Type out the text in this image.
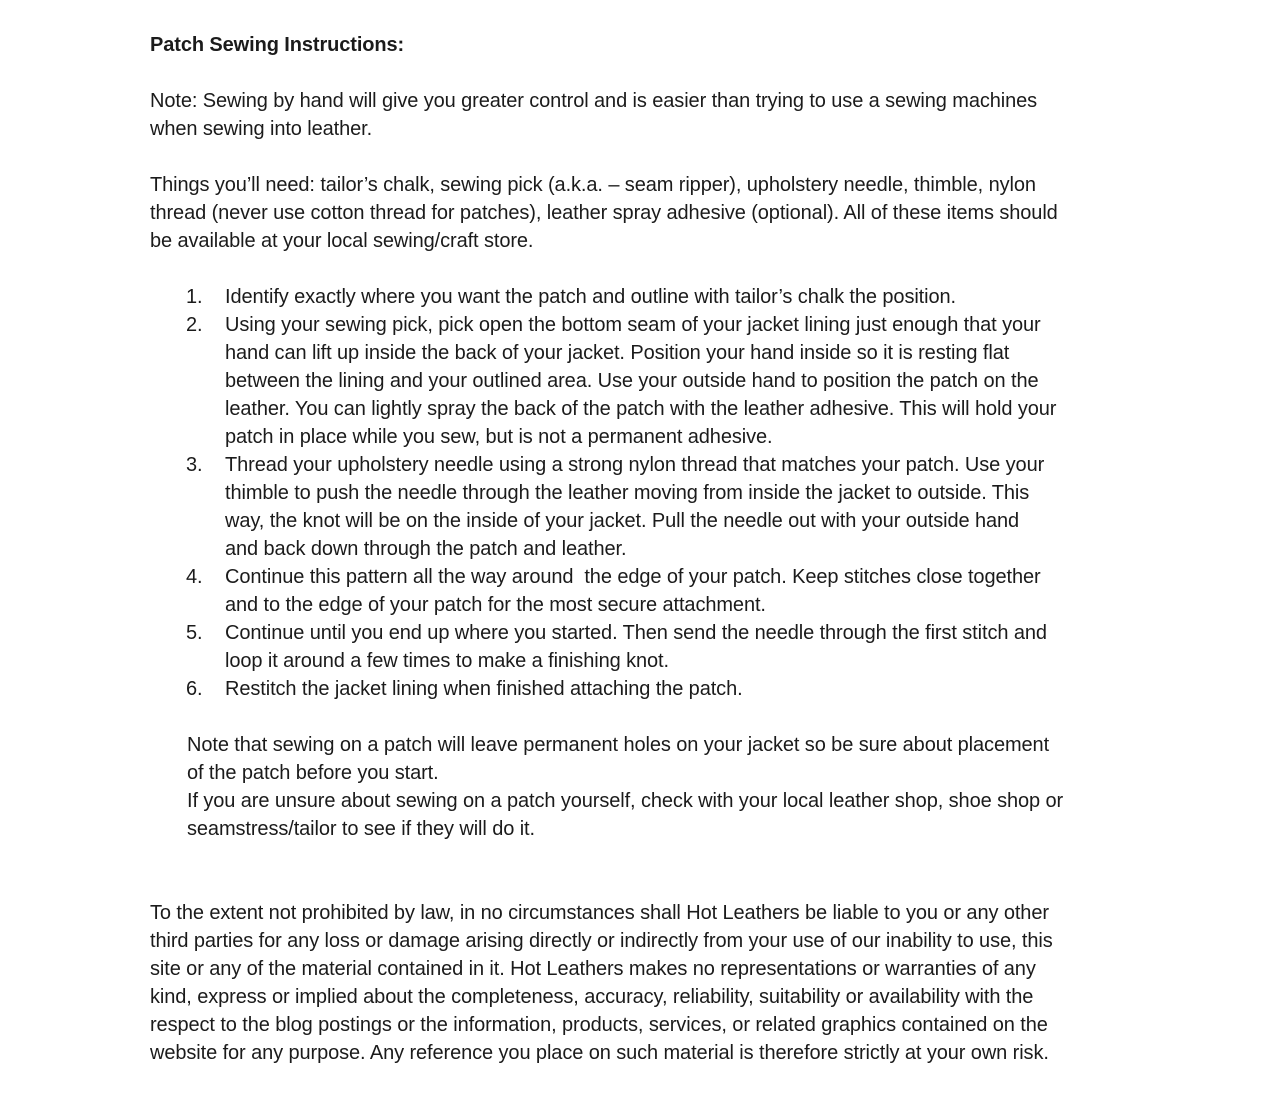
Patch Sewing Instructions:

Note: Sewing by hand will give you greater control and is easier than trying to use a sewing machines
when sewing into leather.

Things you’ll need: tailor’s chalk, sewing pick (a.k.a. – seam ripper), upholstery needle, thimble, nylon
thread (never use cotton thread for patches), leather spray adhesive (optional). All of these items should
be available at your local sewing/craft store.

1.	Identify exactly where you want the patch and outline with tailor’s chalk the position.
2.	Using your sewing pick, pick open the bottom seam of your jacket lining just enough that your
hand can lift up inside the back of your jacket. Position your hand inside so it is resting flat
between the lining and your outlined area. Use your outside hand to position the patch on the
leather. You can lightly spray the back of the patch with the leather adhesive. This will hold your
patch in place while you sew, but is not a permanent adhesive.
3.	Thread your upholstery needle using a strong nylon thread that matches your patch. Use your
thimble to push the needle through the leather moving from inside the jacket to outside. This
way, the knot will be on the inside of your jacket. Pull the needle out with your outside hand
and back down through the patch and leather.
4.	Continue this pattern all the way around  the edge of your patch. Keep stitches close together
and to the edge of your patch for the most secure attachment.
5.	Continue until you end up where you started. Then send the needle through the first stitch and
loop it around a few times to make a finishing knot.
6.	Restitch the jacket lining when finished attaching the patch.

Note that sewing on a patch will leave permanent holes on your jacket so be sure about placement
of the patch before you start.

If you are unsure about sewing on a patch yourself, check with your local leather shop, shoe shop or
seamstress/tailor to see if they will do it.

To the extent not prohibited by law, in no circumstances shall Hot Leathers be liable to you or any other
third parties for any loss or damage arising directly or indirectly from your use of our inability to use, this
site or any of the material contained in it. Hot Leathers makes no representations or warranties of any
kind, express or implied about the completeness, accuracy, reliability, suitability or availability with the
respect to the blog postings or the information, products, services, or related graphics contained on the
website for any purpose. Any reference you place on such material is therefore strictly at your own risk.
